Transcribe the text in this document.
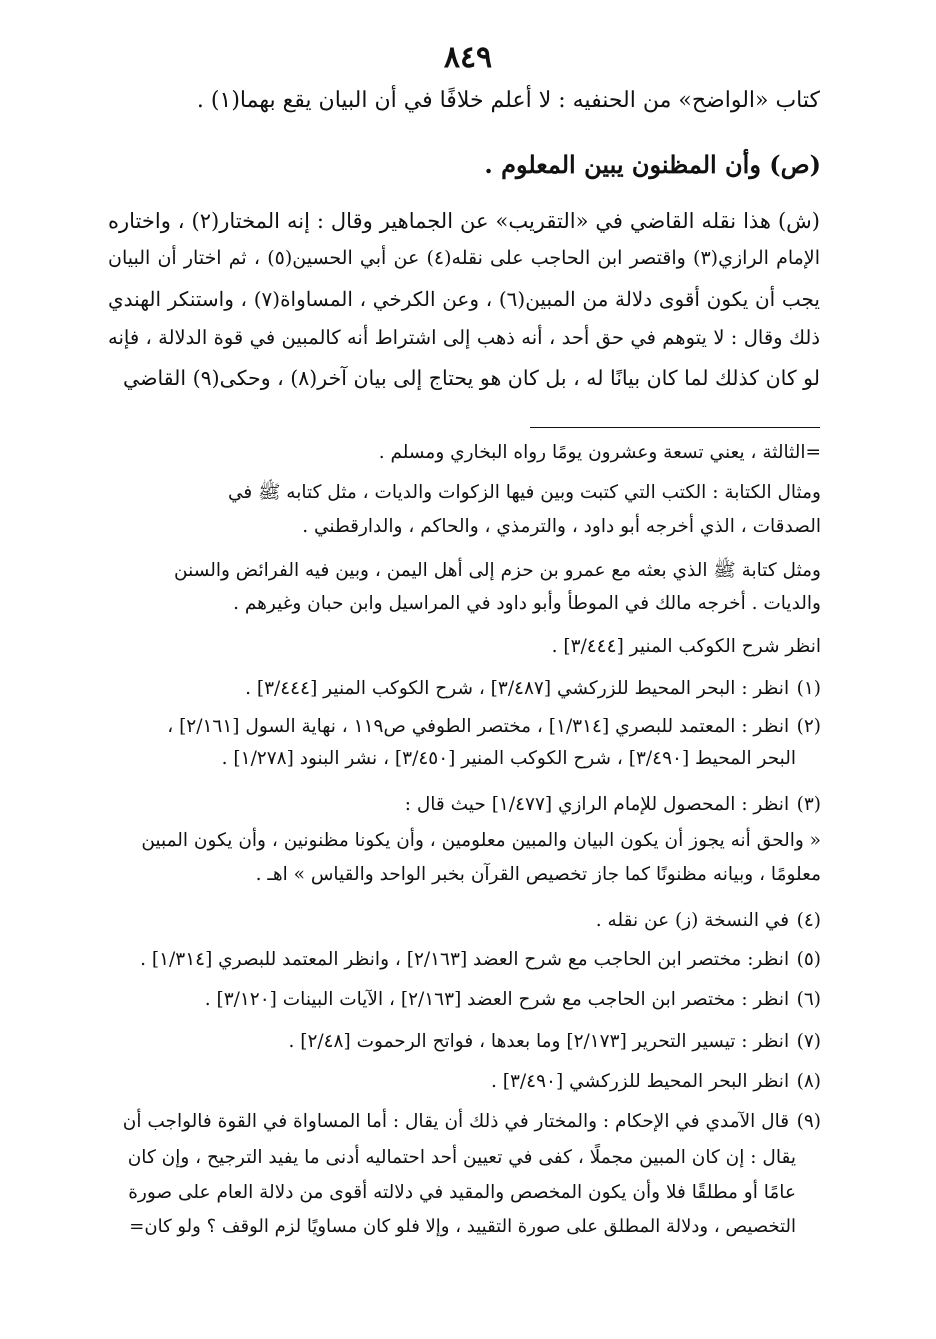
٨٤٩
كتاب «الواضح» من الحنفيه : لا أعلم خلافًا في أن البيان يقع بهما(١) .
(ص) وأن المظنون يبين المعلوم .
(ش) هذا نقله القاضي في «التقريب» عن الجماهير وقال : إنه المختار(٢) ، واختاره
الإمام الرازي(٣) واقتصر ابن الحاجب على نقله(٤) عن أبي الحسين(٥) ، ثم اختار أن البيان
يجب أن يكون أقوى دلالة من المبين(٦) ، وعن الكرخي ، المساواة(٧) ، واستنكر الهندي
ذلك وقال : لا يتوهم في حق أحد ، أنه ذهب إلى اشتراط أنه كالمبين في قوة الدلالة ، فإنه
لو كان كذلك لما كان بيانًا له ، بل كان هو يحتاج إلى بيان آخر(٨) ، وحكى(٩) القاضي
=الثالثة ، يعني تسعة وعشرون يومًا رواه البخاري ومسلم .
ومثال الكتابة : الكتب التي كتبت وبين فيها الزكوات والديات ، مثل كتابه ﷺ في
الصدقات ، الذي أخرجه أبو داود ، والترمذي ، والحاكم ، والدارقطني .
ومثل كتابة ﷺ الذي بعثه مع عمرو بن حزم إلى أهل اليمن ، وبين فيه الفرائض والسنن
والديات . أخرجه مالك في الموطأ وأبو داود في المراسيل وابن حبان وغيرهم .
انظر شرح الكوكب المنير [٣/٤٤٤] .
(١) انظر : البحر المحيط للزركشي [٣/٤٨٧] ، شرح الكوكب المنير [٣/٤٤٤] .
(٢) انظر : المعتمد للبصري [١/٣١٤] ، مختصر الطوفي ص١١٩ ، نهاية السول [٢/١٦١] ،
البحر المحيط [٣/٤٩٠] ، شرح الكوكب المنير [٣/٤٥٠] ، نشر البنود [١/٢٧٨] .
(٣) انظر : المحصول للإمام الرازي [١/٤٧٧] حيث قال :
« والحق أنه يجوز أن يكون البيان والمبين معلومين ، وأن يكونا مظنونين ، وأن يكون المبين
معلومًا ، وبيانه مظنونًا كما جاز تخصيص القرآن بخبر الواحد والقياس » اهـ .
(٤) في النسخة (ز) عن نقله .
(٥) انظر: مختصر ابن الحاجب مع شرح العضد [٢/١٦٣] ، وانظر المعتمد للبصري [١/٣١٤] .
(٦) انظر : مختصر ابن الحاجب مع شرح العضد [٢/١٦٣] ، الآيات البينات [٣/١٢٠] .
(٧) انظر : تيسير التحرير [٢/١٧٣] وما بعدها ، فواتح الرحموت [٢/٤٨] .
(٨) انظر البحر المحيط للزركشي [٣/٤٩٠] .
(٩) قال الآمدي في الإحكام : والمختار في ذلك أن يقال : أما المساواة في القوة فالواجب أن
يقال : إن كان المبين مجملًا ، كفى في تعيين أحد احتماليه أدنى ما يفيد الترجيح ، وإن كان
عامًا أو مطلقًا فلا وأن يكون المخصص والمقيد في دلالته أقوى من دلالة العام على صورة
التخصيص ، ودلالة المطلق على صورة التقييد ، وإلا فلو كان مساويًا لزم الوقف ؟ ولو كان=
